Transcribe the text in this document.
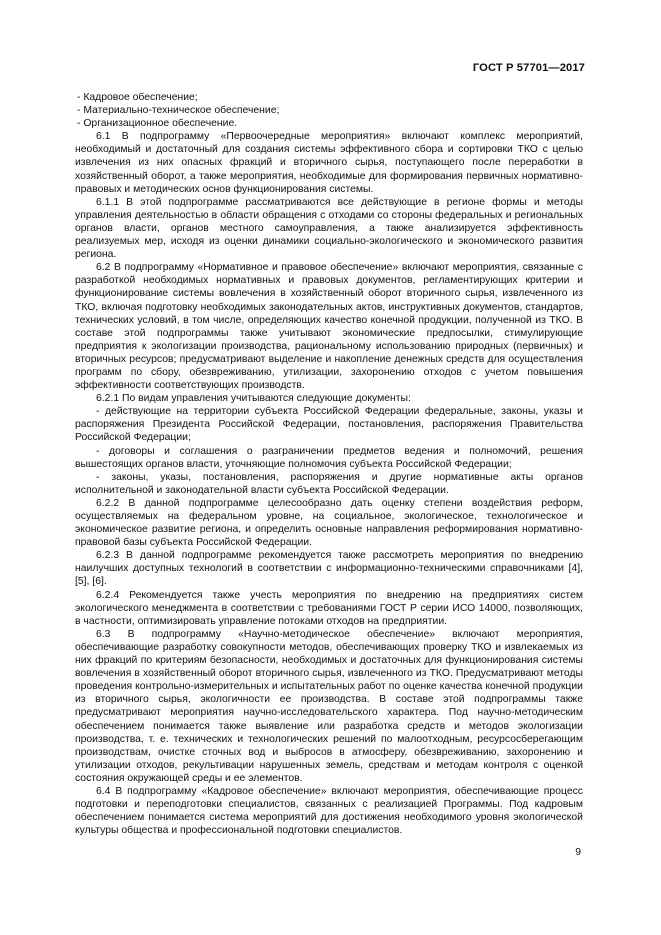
ГОСТ Р 57701—2017

- Кадровое обеспечение;

- Материально-техническое обеспечение;

- Организационное обеспечение.

6.1 В подпрограмму «Первоочередные мероприятия» включают комплекс мероприятий, необходимый и достаточный для создания системы эффективного сбора и сортировки ТКО с целью извлечения из них опасных фракций и вторичного сырья, поступающего после переработки в хозяйственный оборот, а также мероприятия, необходимые для формирования первичных нормативно-правовых и методических основ функционирования системы.

6.1.1 В этой подпрограмме рассматриваются все действующие в регионе формы и методы управления деятельностью в области обращения с отходами со стороны федеральных и региональных органов власти, органов местного самоуправления, а также анализируется эффективность реализуемых мер, исходя из оценки динамики социально-экологического и экономического развития региона.

6.2 В подпрограмму «Нормативное и правовое обеспечение» включают мероприятия, связанные с разработкой необходимых нормативных и правовых документов, регламентирующих критерии и функционирование системы вовлечения в хозяйственный оборот вторичного сырья, извлеченного из ТКО, включая подготовку необходимых законодательных актов, инструктивных документов, стандартов, технических условий, в том числе, определяющих качество конечной продукции, полученной из ТКО. В составе этой подпрограммы также учитывают экономические предпосылки, стимулирующие предприятия к экологизации производства, рациональному использованию природных (первичных) и вторичных ресурсов; предусматривают выделение и накопление денежных средств для осуществления программ по сбору, обезвреживанию, утилизации, захоронению отходов с учетом повышения эффективности соответствующих производств.

6.2.1 По видам управления учитываются следующие документы:

- действующие на территории субъекта Российской Федерации федеральные, законы, указы и распоряжения Президента Российской Федерации, постановления, распоряжения Правительства Российской Федерации;

- договоры и соглашения о разграничении предметов ведения и полномочий, решения вышестоящих органов власти, уточняющие полномочия субъекта Российской Федерации;

- законы, указы, постановления, распоряжения и другие нормативные акты органов исполнительной и законодательной власти субъекта Российской Федерации.

6.2.2 В данной подпрограмме целесообразно дать оценку степени воздействия реформ, осуществляемых на федеральном уровне, на социальное, экологическое, технологическое и экономическое развитие региона, и определить основные направления реформирования нормативно-правовой базы субъекта Российской Федерации.

6.2.3 В данной подпрограмме рекомендуется также рассмотреть мероприятия по внедрению наилучших доступных технологий в соответствии с информационно-техническими справочниками [4], [5], [6].

6.2.4 Рекомендуется также учесть мероприятия по внедрению на предприятиях систем экологического менеджмента в соответствии с требованиями ГОСТ Р серии ИСО 14000, позволяющих, в частности, оптимизировать управление потоками отходов на предприятии.

6.3 В подпрограмму «Научно-методическое обеспечение» включают мероприятия, обеспечивающие разработку совокупности методов, обеспечивающих проверку ТКО и извлекаемых из них фракций по критериям безопасности, необходимых и достаточных для функционирования системы вовлечения в хозяйственный оборот вторичного сырья, извлеченного из ТКО. Предусматривают методы проведения контрольно-измерительных и испытательных работ по оценке качества конечной продукции из вторичного сырья, экологичности ее производства. В составе этой подпрограммы также предусматривают мероприятия научно-исследовательского характера. Под научно-методическим обеспечением понимается также выявление или разработка средств и методов экологизации производства, т. е. технических и технологических решений по малоотходным, ресурсосберегающим производствам, очистке сточных вод и выбросов в атмосферу, обезвреживанию, захоронению и утилизации отходов, рекультивации нарушенных земель, средствам и методам контроля с оценкой состояния окружающей среды и ее элементов.

6.4 В подпрограмму «Кадровое обеспечение» включают мероприятия, обеспечивающие процесс подготовки и переподготовки специалистов, связанных с реализацией Программы. Под кадровым обеспечением понимается система мероприятий для достижения необходимого уровня экологической культуры общества и профессиональной подготовки специалистов.

9
